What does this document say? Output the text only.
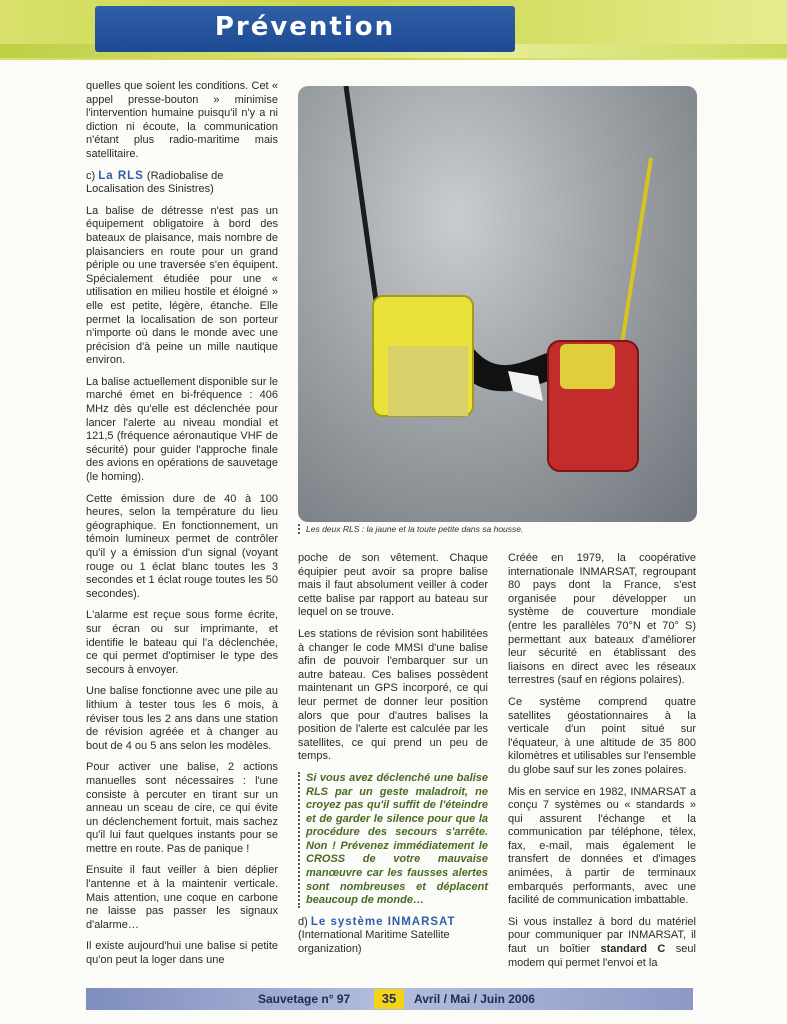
Prévention

quelles que soient les conditions. Cet « appel presse-bouton » minimise l'intervention humaine puisqu'il n'y a ni diction ni écoute, la communication n'étant plus radio-maritime mais satellitaire.

c) La RLS (Radiobalise de Localisation des Sinistres)

La balise de détresse n'est pas un équipement obligatoire à bord des bateaux de plaisance, mais nombre de plaisanciers en route pour un grand périple ou une traversée s'en équipent. Spécialement étudiée pour une « utilisation en milieu hostile et éloigné » elle est petite, légère, étanche. Elle permet la localisation de son porteur n'importe où dans le monde avec une précision d'à peine un mille nautique environ.

La balise actuellement disponible sur le marché émet en bi-fréquence : 406 MHz dès qu'elle est déclenchée pour lancer l'alerte au niveau mondial et 121,5 (fréquence aéronautique VHF de sécurité) pour guider l'approche finale des avions en opérations de sauvetage (le homing).

Cette émission dure de 40 à 100 heures, selon la température du lieu géographique. En fonctionnement, un témoin lumineux permet de contrôler qu'il y a émission d'un signal (voyant rouge ou 1 éclat blanc toutes les 3 secondes et 1 éclat rouge toutes les 50 secondes).

L'alarme est reçue sous forme écrite, sur écran ou sur imprimante, et identifie le bateau qui l'a déclenchée, ce qui permet d'optimiser le type des secours à envoyer.

Une balise fonctionne avec une pile au lithium à tester tous les 6 mois, à réviser tous les 2 ans dans une station de révision agréée et à changer au bout de 4 ou 5 ans selon les modèles.

Pour activer une balise, 2 actions manuelles sont nécessaires : l'une consiste à percuter en tirant sur un anneau un sceau de cire, ce qui évite un déclenchement fortuit, mais sachez qu'il lui faut quelques instants pour se mettre en route. Pas de panique !

Ensuite il faut veiller à bien déplier l'antenne et à la maintenir verticale. Mais attention, une coque en carbone ne laisse pas passer les signaux d'alarme…

Il existe aujourd'hui une balise si petite qu'on peut la loger dans une

Les deux RLS : la jaune et la toute petite dans sa housse.

poche de son vêtement. Chaque équipier peut avoir sa propre balise mais il faut absolument veiller à coder cette balise par rapport au bateau sur lequel on se trouve.

Les stations de révision sont habilitées à changer le code MMSI d'une balise afin de pouvoir l'embarquer sur un autre bateau. Ces balises possèdent maintenant un GPS incorporé, ce qui leur permet de donner leur position alors que pour d'autres balises la position de l'alerte est calculée par les satellites, ce qui prend un peu de temps.

Si vous avez déclenché une balise RLS par un geste maladroit, ne croyez pas qu'il suffit de l'éteindre et de garder le silence pour que la procédure des secours s'arrête. Non ! Prévenez immédiatement le CROSS de votre mauvaise manœuvre car les fausses alertes sont nombreuses et déplacent beaucoup de monde…

d) Le système INMARSAT (International Maritime Satellite organization)

Créée en 1979, la coopérative internationale INMARSAT, regroupant 80 pays dont la France, s'est organisée pour développer un système de couverture mondiale (entre les parallèles 70°N et 70° S) permettant aux bateaux d'améliorer leur sécurité en établissant des liaisons en direct avec les réseaux terrestres (sauf en régions polaires).

Ce système comprend quatre satellites géostationnaires à la verticale d'un point situé sur l'équateur, à une altitude de 35 800 kilomètres et utilisables sur l'ensemble du globe sauf sur les zones polaires.

Mis en service en 1982, INMARSAT a conçu 7 systèmes ou « standards » qui assurent l'échange et la communication par téléphone, télex, fax, e-mail, mais également le transfert de données et d'images animées, à partir de terminaux embarqués performants, avec une facilité de communication imbattable.

Si vous installez à bord du matériel pour communiquer par INMARSAT, il faut un boîtier standard C seul modem qui permet l'envoi et la

Sauvetage n° 97	35	Avril / Mai / Juin 2006
